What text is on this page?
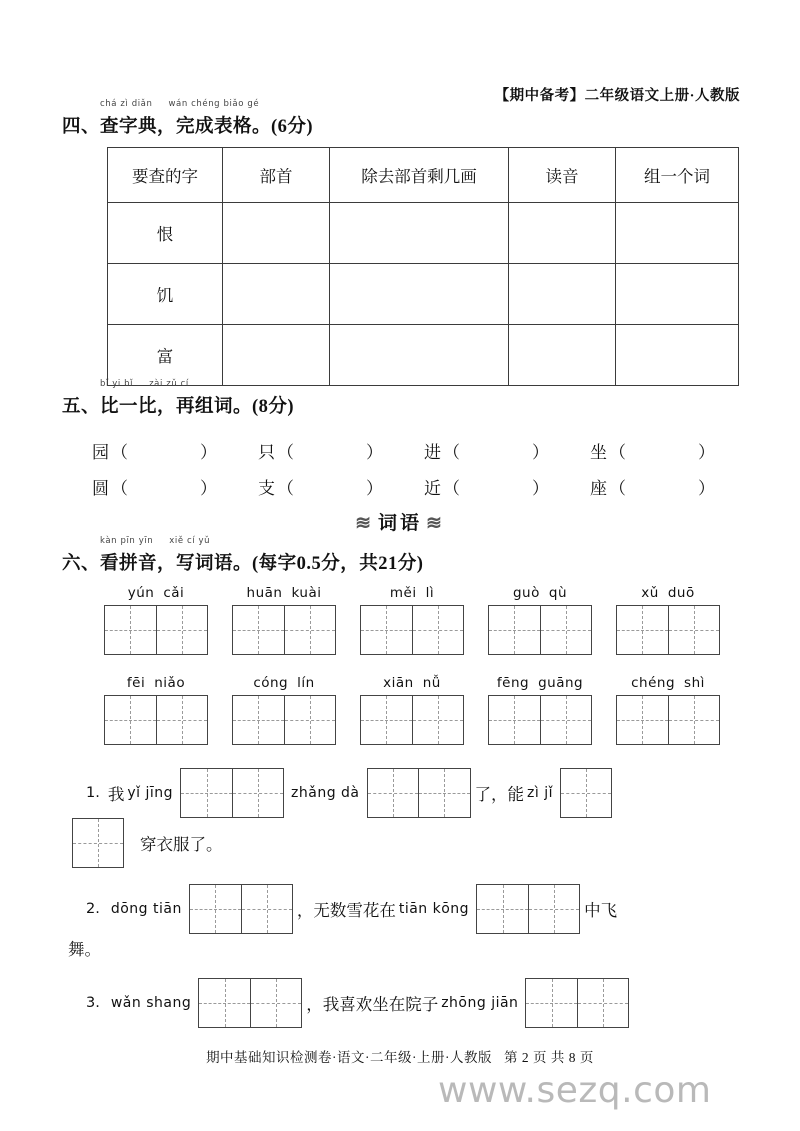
【期中备考】二年级语文上册·人教版
chá zì diǎn wán chéng biǎo gé
四、查字典，完成表格。(6分)
要查的字	部首	除去部首剩几画	读音	组一个词
恨				
饥				
富				
bǐ yi bǐ zài zǔ cí
五、比一比，再组词。(8分)
园 （	） 只 （	） 进 （	） 坐 （	）
圆 （	） 支 （	） 近 （	） 座 （	）
≋ 词语 ≋
kàn pīn yīn xiě cí yǔ
六、看拼音，写词语。(每字0.5分，共21分)
yún cǎi	huān kuài	měi lì	guò qù	xǔ duō
fēi niǎo	cóng lín	xiān nǚ	fēng guāng	chéng shì
1. 我 yǐ jīng	zhǎng dà	了，能 zì jǐ
穿衣服了。
2. dōng tiān	，无数雪花在 tiān kōng	中飞
舞。
3. wǎn shang	，我喜欢坐在院子 zhōng jiān
期中基础知识检测卷·语文·二年级·上册·人教版 第 2 页 共 8 页
www.sezq.com
